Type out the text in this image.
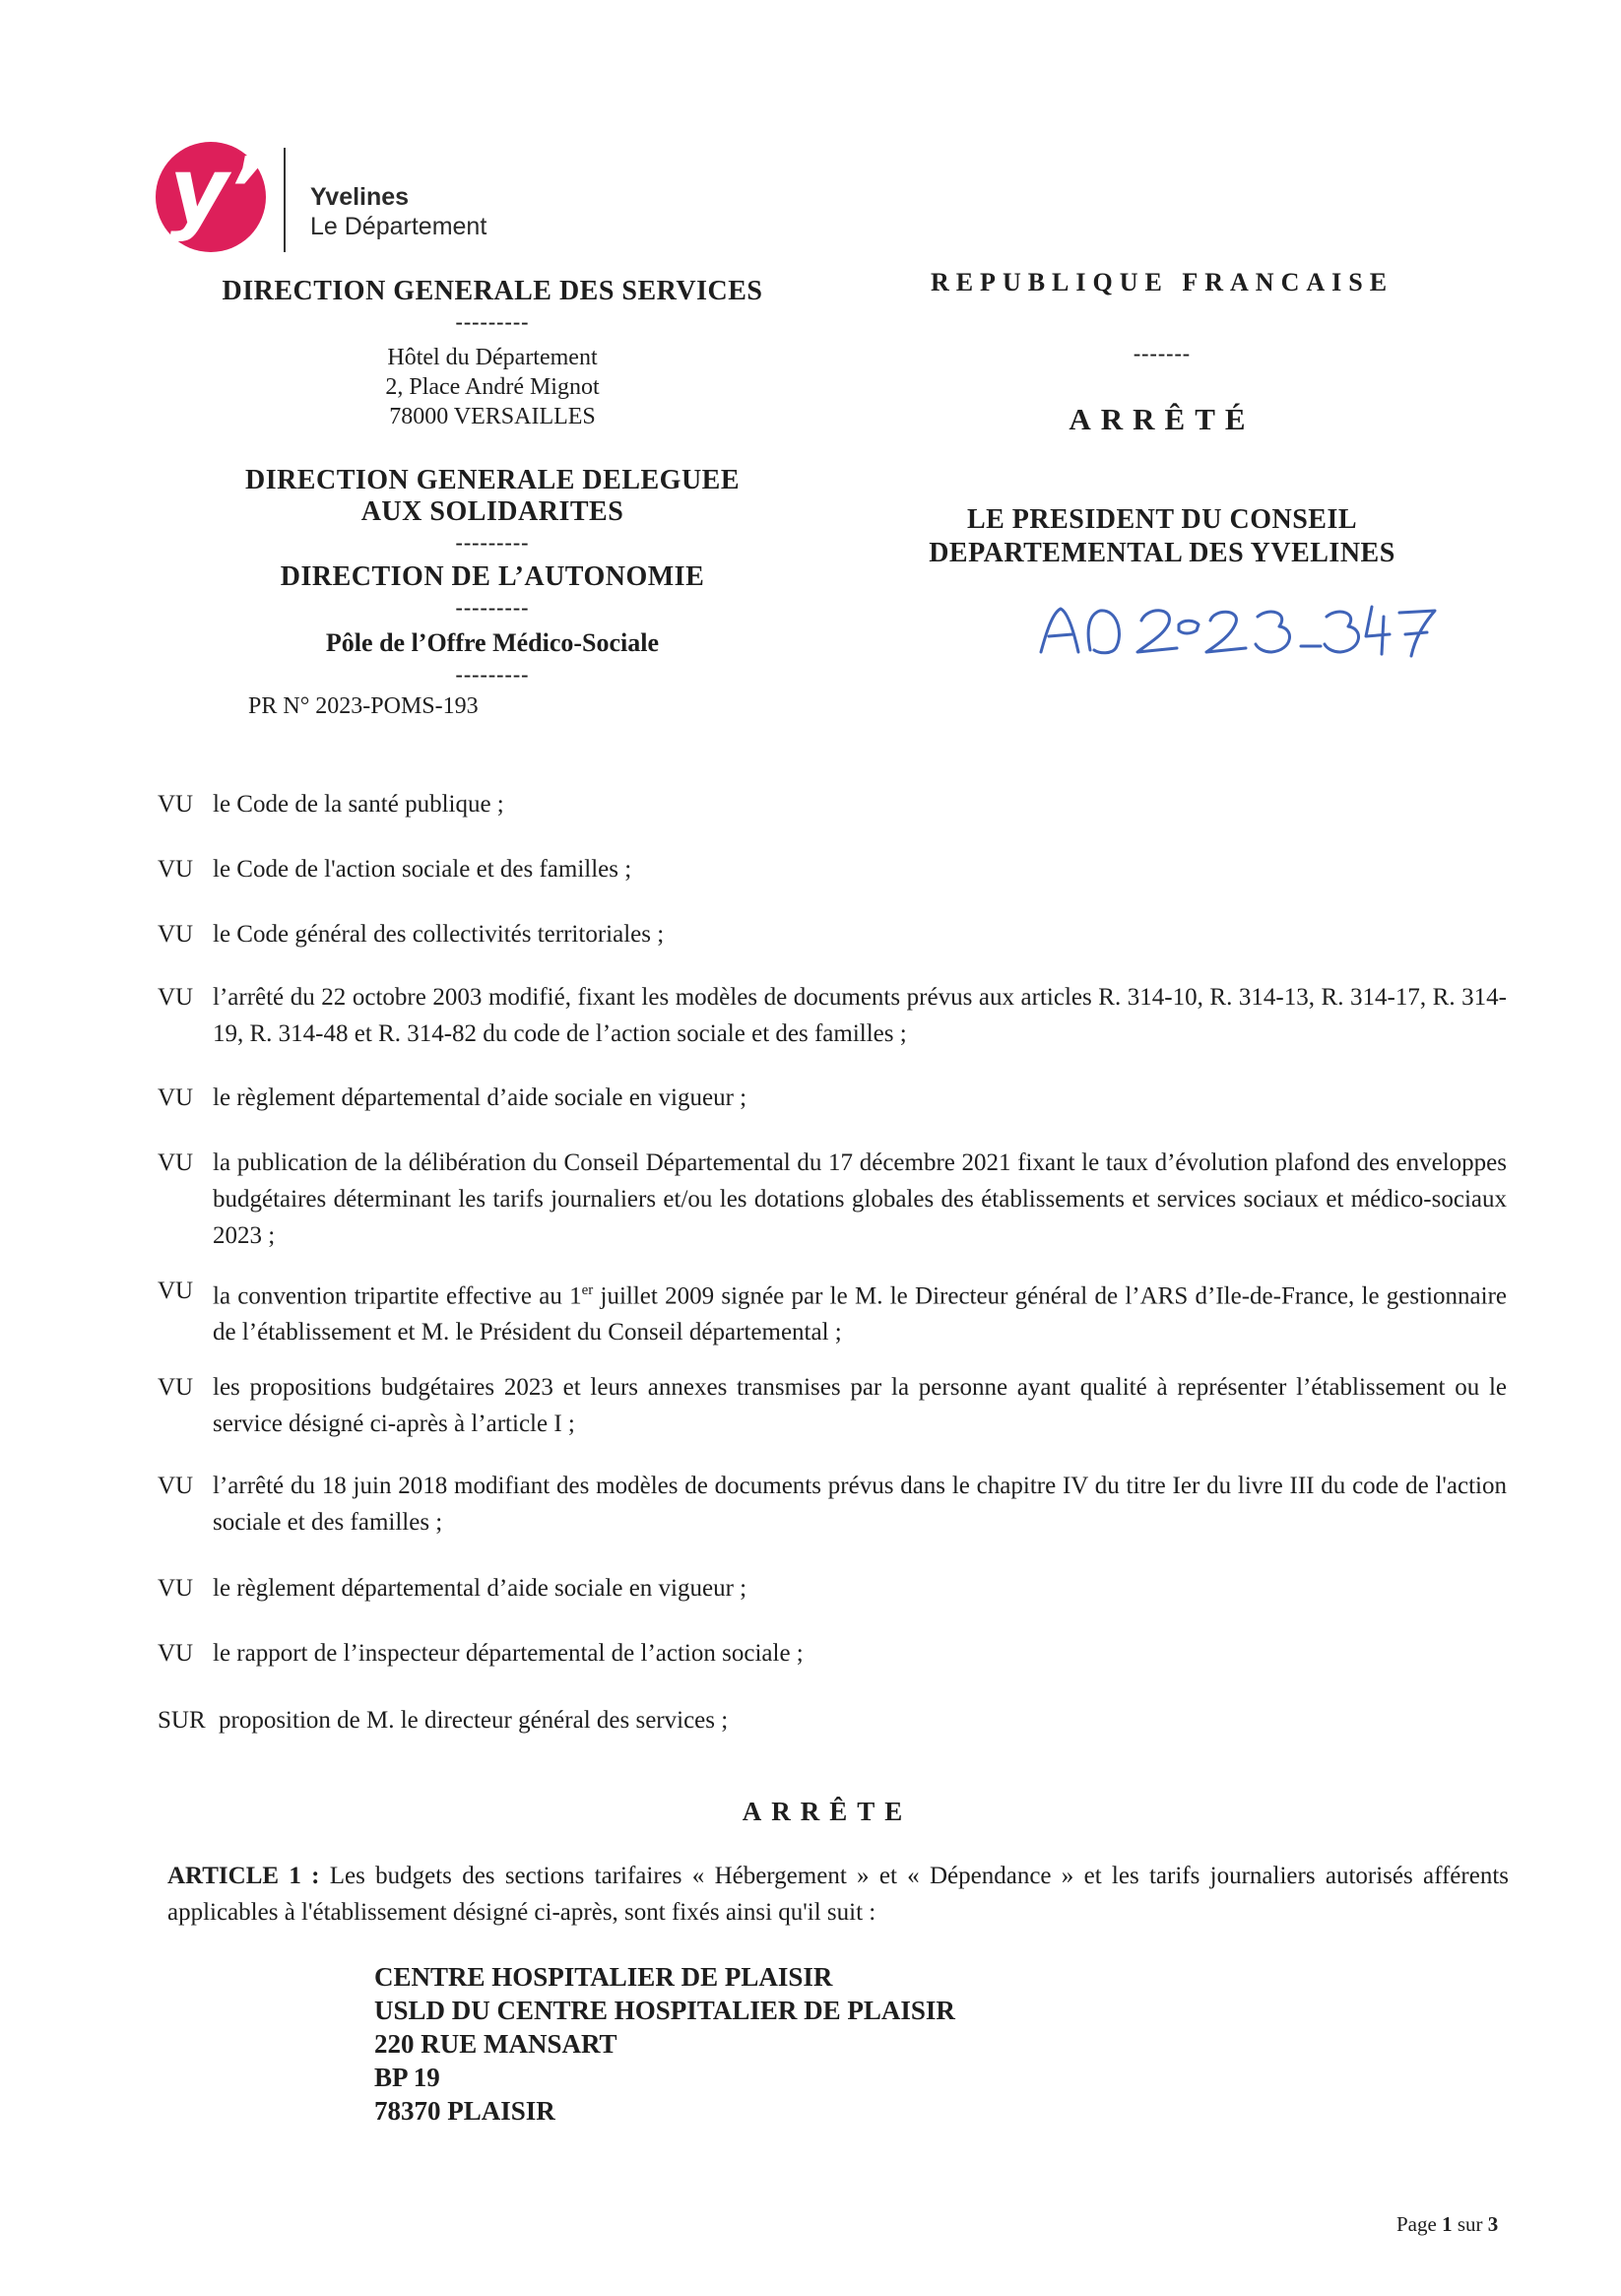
y’ Yvelines
Le Département
DIRECTION GENERALE DES SERVICES
---------
Hôtel du Département
2, Place André Mignot
78000 VERSAILLES
DIRECTION GENERALE DELEGUEE
AUX SOLIDARITES
---------
DIRECTION DE L’AUTONOMIE
---------
Pôle de l’Offre Médico-Sociale
---------
PR N° 2023-POMS-193
REPUBLIQUE FRANCAISE
-------
ARRÊTÉ
LE PRESIDENT DU CONSEIL
DEPARTEMENTAL DES YVELINES
VU le Code de la santé publique ;
VU le Code de l'action sociale et des familles ;
VU le Code général des collectivités territoriales ;
VU l’arrêté du 22 octobre 2003 modifié, fixant les modèles de documents prévus aux articles R. 314-10, R. 314-13, R. 314-17, R. 314-19, R. 314-48 et R. 314-82 du code de l’action sociale et des familles ;
VU le règlement départemental d’aide sociale en vigueur ;
VU la publication de la délibération du Conseil Départemental du 17 décembre 2021 fixant le taux d’évolution plafond des enveloppes budgétaires déterminant les tarifs journaliers et/ou les dotations globales des établissements et services sociaux et médico-sociaux 2023 ;
VU la convention tripartite effective au 1er juillet 2009 signée par le M. le Directeur général de l’ARS d’Ile-de-France, le gestionnaire de l’établissement et M. le Président du Conseil départemental ;
VU les propositions budgétaires 2023 et leurs annexes transmises par la personne ayant qualité à représenter l’établissement ou le service désigné ci-après à l’article I ;
VU l’arrêté du 18 juin 2018 modifiant des modèles de documents prévus dans le chapitre IV du titre Ier du livre III du code de l'action sociale et des familles ;
VU le règlement départemental d’aide sociale en vigueur ;
VU le rapport de l’inspecteur départemental de l’action sociale ;
SUR proposition de M. le directeur général des services ;
ARRÊTE
ARTICLE 1 : Les budgets des sections tarifaires « Hébergement » et « Dépendance » et les tarifs journaliers autorisés afférents applicables à l'établissement désigné ci-après, sont fixés ainsi qu'il suit :
CENTRE HOSPITALIER DE PLAISIR
USLD DU CENTRE HOSPITALIER DE PLAISIR
220 RUE MANSART
BP 19
78370 PLAISIR
Page 1 sur 3
